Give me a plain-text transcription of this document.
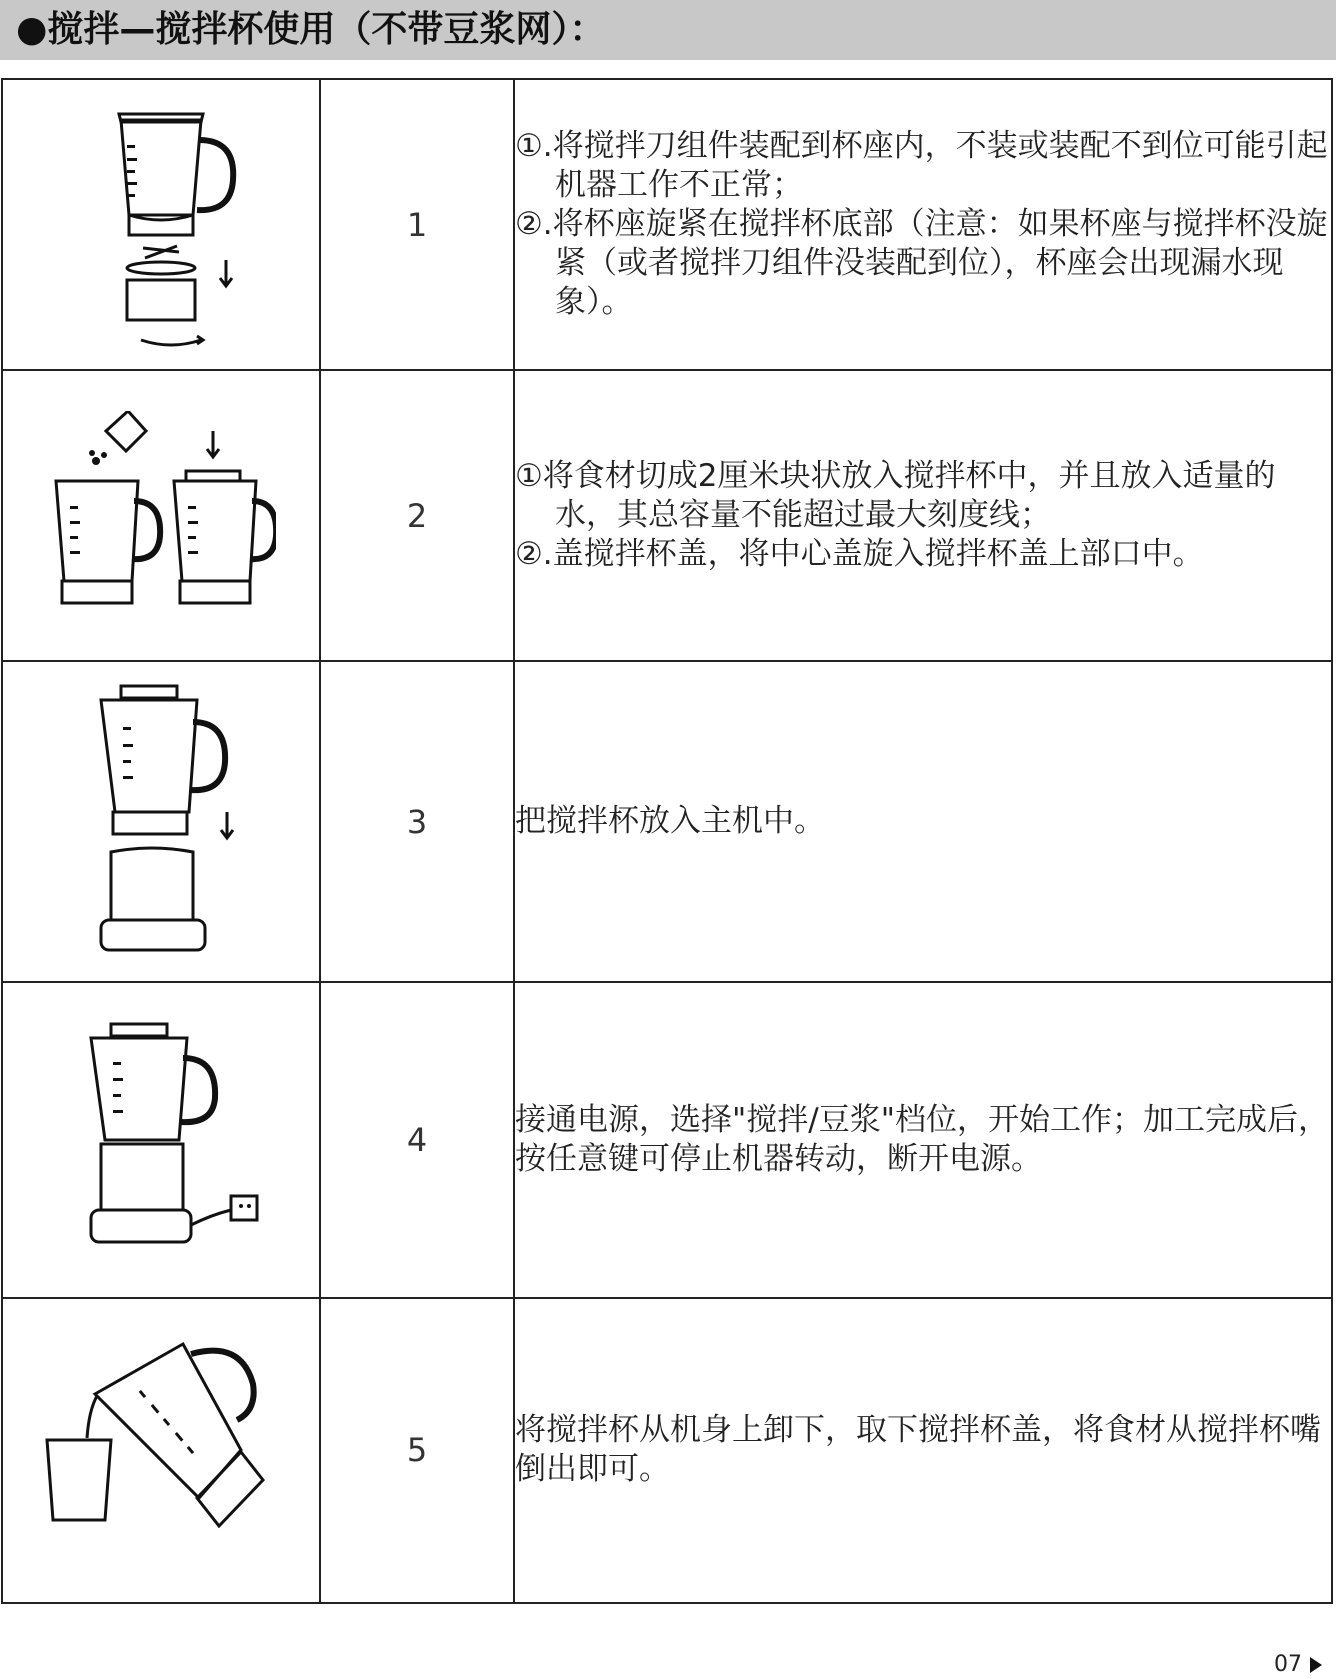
●搅拌—搅拌杯使用（不带豆浆网）：
	1	①.将搅拌刀组件装配到杯座内，不装或装配不到位可能引起机器工作不正常；

②.将杯座旋紧在搅拌杯底部（注意：如果杯座与搅拌杯没旋紧（或者搅拌刀组件没装配到位），杯座会出现漏水现象）。

	2	①将食材切成2厘米块状放入搅拌杯中，并且放入适量的水，其总容量不能超过最大刻度线；

②.盖搅拌杯盖，将中心盖旋入搅拌杯盖上部口中。

	3	把搅拌杯放入主机中。

	4	接通电源，选择"搅拌/豆浆"档位，开始工作；加工完成后，按任意键可停止机器转动，断开电源。

	5	将搅拌杯从机身上卸下，取下搅拌杯盖，将食材从搅拌杯嘴倒出即可。

07
